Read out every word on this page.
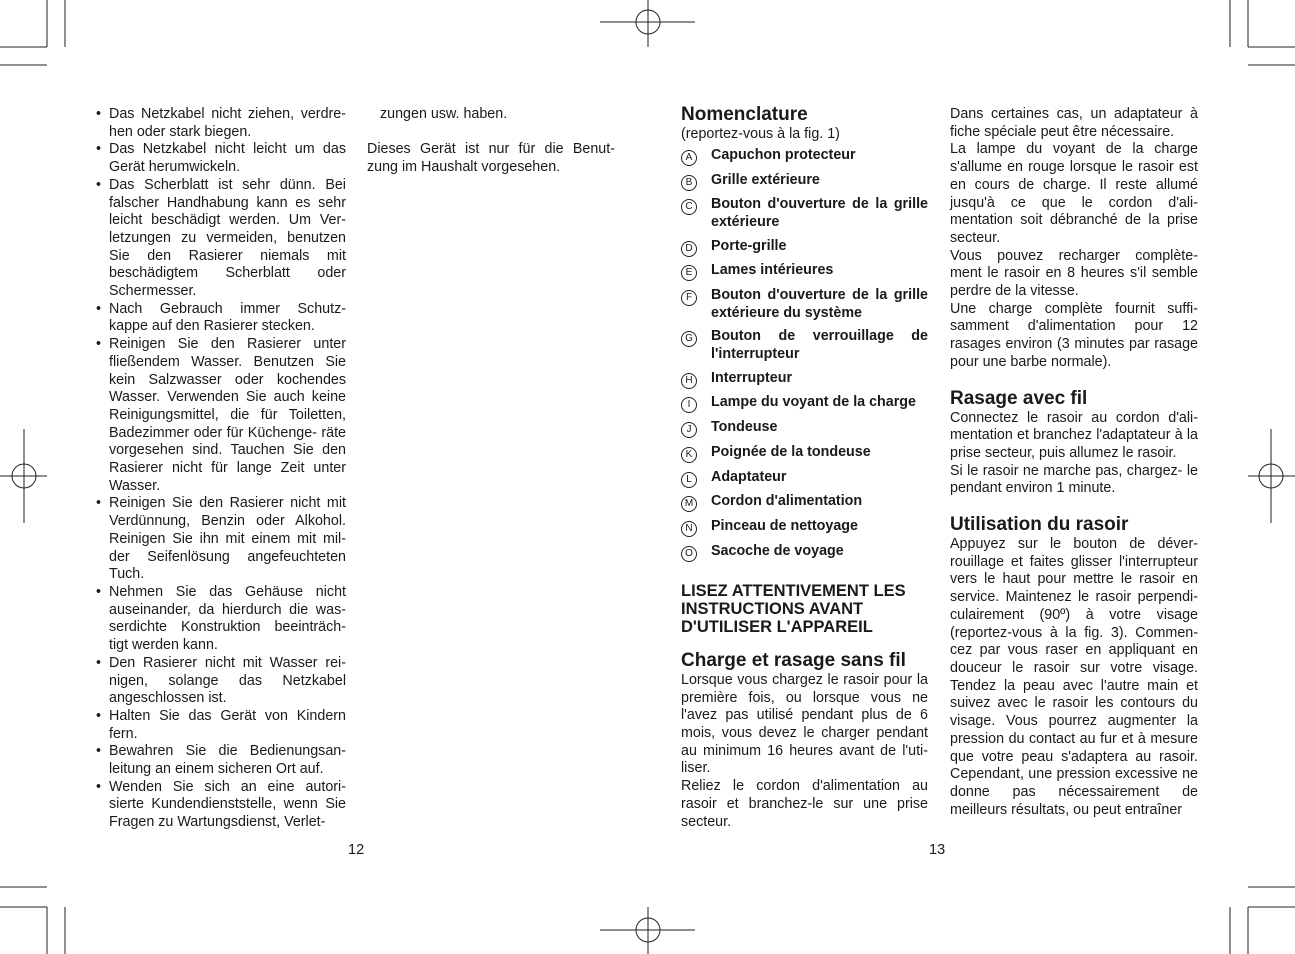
• Das Netzkabel nicht ziehen, verdre- hen oder stark biegen.
• Das Netzkabel nicht leicht um das Gerät herumwickeln.
• Das Scherblatt ist sehr dünn. Bei falscher Handhabung kann es sehr leicht beschädigt werden. Um Ver- letzungen zu vermeiden, benutzen Sie den Rasierer niemals mit beschädigtem Scherblatt oder Schermesser.
• Nach Gebrauch immer Schutz- kappe auf den Rasierer stecken.
• Reinigen Sie den Rasierer unter fließendem Wasser. Benutzen Sie kein Salzwasser oder kochendes Wasser. Verwenden Sie auch keine Reinigungsmittel, die für Toiletten, Badezimmer oder für Küchenge- räte vorgesehen sind. Tauchen Sie den Rasierer nicht für lange Zeit unter Wasser.
• Reinigen Sie den Rasierer nicht mit Verdünnung, Benzin oder Alkohol. Reinigen Sie ihn mit einem mit mil- der Seifenlösung angefeuchteten Tuch.
• Nehmen Sie das Gehäuse nicht auseinander, da hierdurch die was- serdichte Konstruktion beeinträch- tigt werden kann.
• Den Rasierer nicht mit Wasser rei- nigen, solange das Netzkabel angeschlossen ist.
• Halten Sie das Gerät von Kindern fern.
• Bewahren Sie die Bedienungsan- leitung an einem sicheren Ort auf.
• Wenden Sie sich an eine autori- sierte Kundendienststelle, wenn Sie Fragen zu Wartungsdienst, Verlet-
zungen usw. haben.
Dieses Gerät ist nur für die Benut- zung im Haushalt vorgesehen.
12
Nomenclature
(reportez-vous à la fig. 1)
A	Capuchon protecteur
B	Grille extérieure
C	Bouton d'ouverture de la grille extérieure
D	Porte-grille
E	Lames intérieures
F	Bouton d'ouverture de la grille extérieure du système
G	Bouton de verrouillage de l'interrupteur
H	Interrupteur
I	Lampe du voyant de la charge
J	Tondeuse
K	Poignée de la tondeuse
L	Adaptateur
M	Cordon d'alimentation
N	Pinceau de nettoyage
O	Sacoche de voyage

LISEZ ATTENTIVEMENT LES

INSTRUCTIONS AVANT

D'UTILISER L'APPAREIL

Charge et rasage sans fil
Lorsque vous chargez le rasoir pour la première fois, ou lorsque vous ne l'avez pas utilisé pendant plus de 6 mois, vous devez le charger pendant au minimum 16 heures avant de l'uti- liser.
Reliez le cordon d'alimentation au rasoir et branchez-le sur une prise secteur.
Dans certaines cas, un adaptateur à fiche spéciale peut être nécessaire.
La lampe du voyant de la charge s'allume en rouge lorsque le rasoir est en cours de charge. Il reste allumé jusqu'à ce que le cordon d'ali- mentation soit débranché de la prise secteur.
Vous pouvez recharger complète- ment le rasoir en 8 heures s'il semble perdre de la vitesse.
Une charge complète fournit suffi- samment d'alimentation pour 12 rasages environ (3 minutes par rasage pour une barbe normale).
Rasage avec fil
Connectez le rasoir au cordon d'ali- mentation et branchez l'adaptateur à la prise secteur, puis allumez le rasoir.
Si le rasoir ne marche pas, chargez- le pendant environ 1 minute.
Utilisation du rasoir
Appuyez sur le bouton de déver- rouillage et faites glisser l'interrupteur vers le haut pour mettre le rasoir en service. Maintenez le rasoir perpendi- culairement (90º) à votre visage (reportez-vous à la fig. 3). Commen- cez par vous raser en appliquant en douceur le rasoir sur votre visage. Tendez la peau avec l'autre main et suivez avec le rasoir les contours du visage. Vous pourrez augmenter la pression du contact au fur et à mesure que votre peau s'adaptera au rasoir. Cependant, une pression excessive ne donne pas nécessairement de meilleurs résultats, ou peut entraîner
13
